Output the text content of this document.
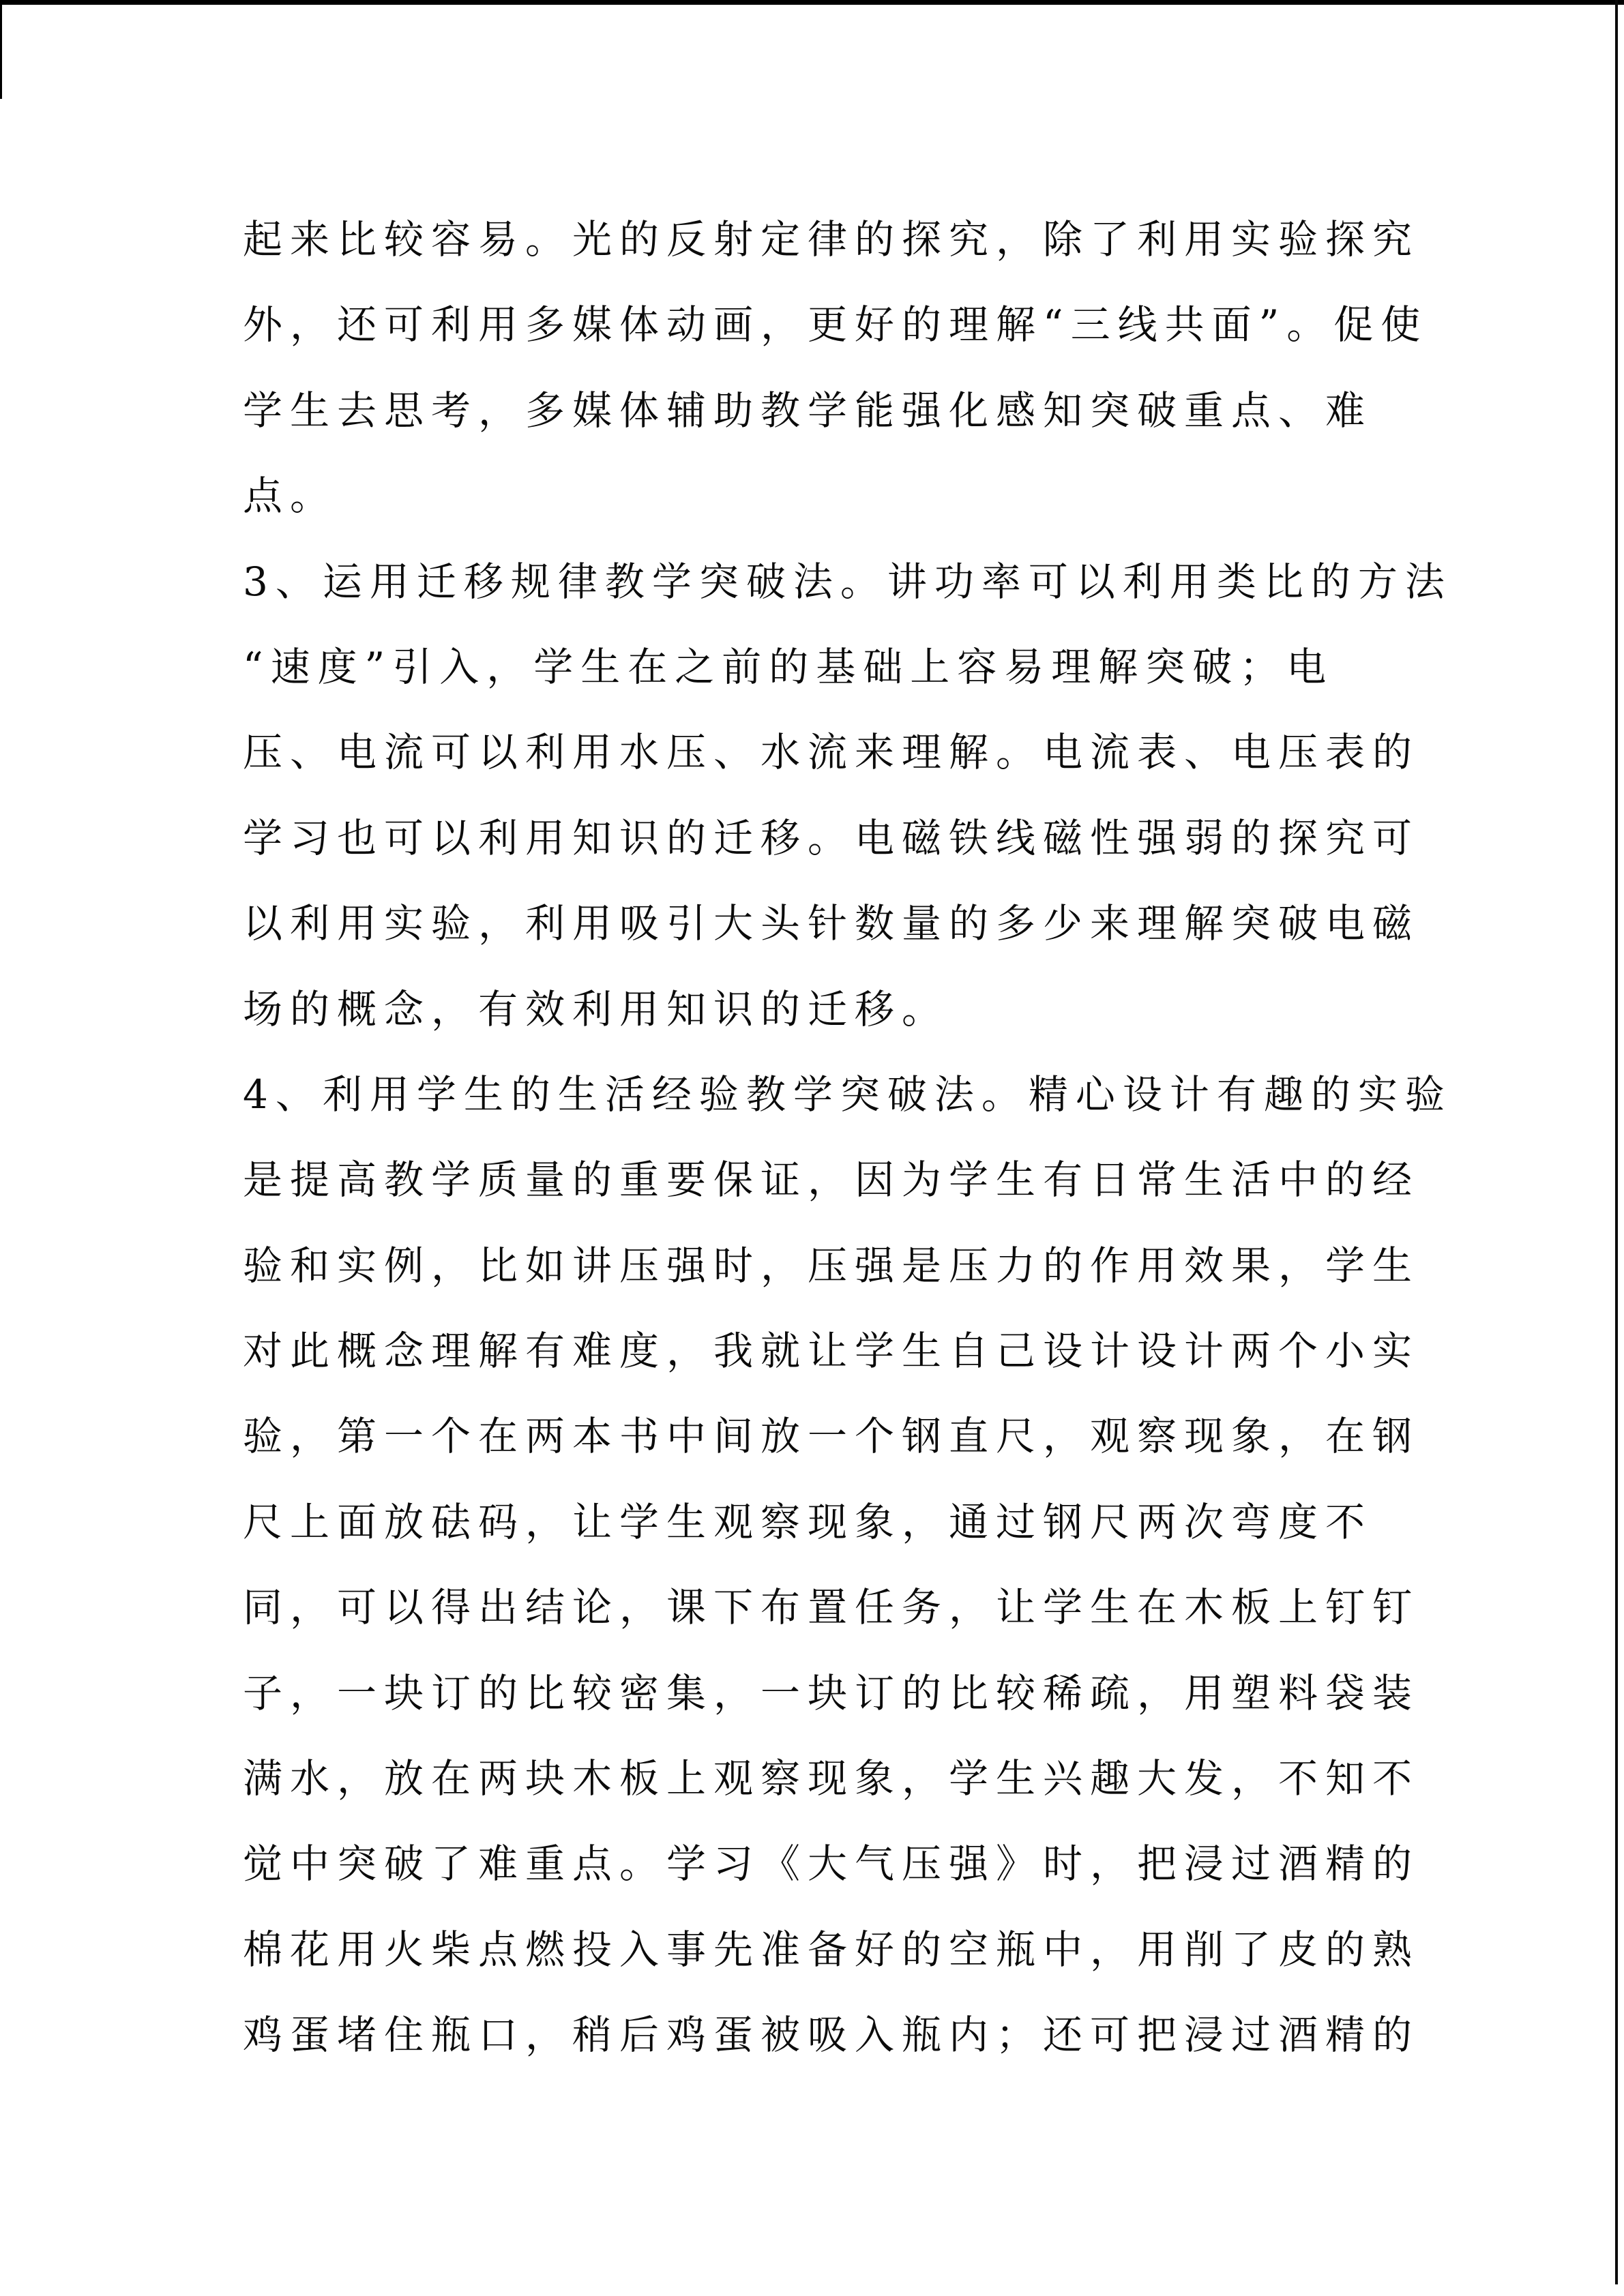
起来比较容易。光的反射定律的探究，除了利用实验探究
外，还可利用多媒体动画，更好的理解“三线共面”。促使
学生去思考，多媒体辅助教学能强化感知突破重点、难
点。
3、运用迁移规律教学突破法。讲功率可以利用类比的方法
“速度”引入，学生在之前的基础上容易理解突破；电
压、电流可以利用水压、水流来理解。电流表、电压表的
学习也可以利用知识的迁移。电磁铁线磁性强弱的探究可
以利用实验，利用吸引大头针数量的多少来理解突破电磁
场的概念，有效利用知识的迁移。
4、利用学生的生活经验教学突破法。精心设计有趣的实验
是提高教学质量的重要保证，因为学生有日常生活中的经
验和实例，比如讲压强时，压强是压力的作用效果，学生
对此概念理解有难度，我就让学生自己设计设计两个小实
验，第一个在两本书中间放一个钢直尺，观察现象，在钢
尺上面放砝码，让学生观察现象，通过钢尺两次弯度不
同，可以得出结论，课下布置任务，让学生在木板上钉钉
子，一块订的比较密集，一块订的比较稀疏，用塑料袋装
满水，放在两块木板上观察现象，学生兴趣大发，不知不
觉中突破了难重点。学习《大气压强》时，把浸过酒精的
棉花用火柴点燃投入事先准备好的空瓶中，用削了皮的熟
鸡蛋堵住瓶口，稍后鸡蛋被吸入瓶内；还可把浸过酒精的
